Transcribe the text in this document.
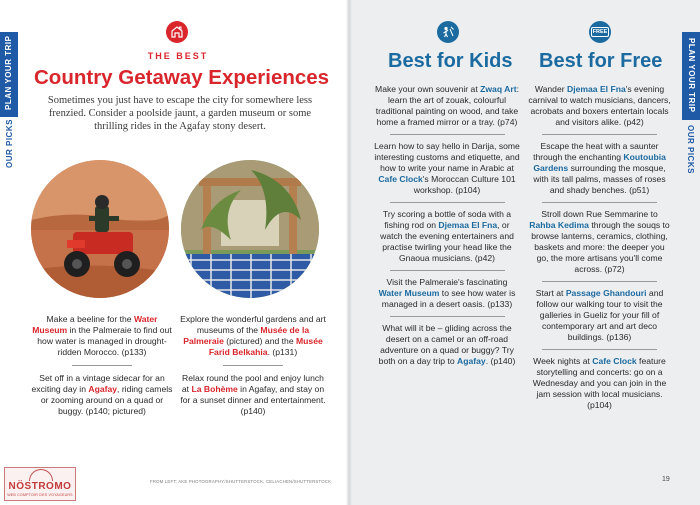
PLAN YOUR TRIP
OUR PICKS
PLAN YOUR TRIP
OUR PICKS
THE BEST
Country Getaway Experiences
Sometimes you just have to escape the city for somewhere less frenzied. Consider a poolside jaunt, a garden museum or some thrilling rides in the Agafay stony desert.

Make a beeline for the Water Museum in the Palmeraie to find out how water is managed in drought-ridden Morocco. (p133)

Set off in a vintage sidecar for an exciting day in Agafay, riding camels or zooming around on a quad or buggy. (p140; pictured)

Explore the wonderful gardens and art museums of the Musée de la Palmeraie (pictured) and the Musée Farid Belkahia. (p131)

Relax round the pool and enjoy lunch at La Bohème in Agafay, and stay on for a sunset dinner and entertainment. (p140)

FREE
Best for Kids Best for Free

Make your own souvenir at Zwaq Art: learn the art of zouak, colourful traditional painting on wood, and take home a framed mirror or a tray. (p74)

Learn how to say hello in Darija, some interesting customs and etiquette, and how to write your name in Arabic at Cafe Clock's Moroccan Culture 101 workshop. (p104)

Try scoring a bottle of soda with a fishing rod on Djemaa El Fna, or watch the evening entertainers and practise twirling your head like the Gnaoua musicians. (p42)

Visit the Palmeraie's fascinating Water Museum to see how water is managed in a desert oasis. (p133)

What will it be – gliding across the desert on a camel or an off-road adventure on a quad or buggy? Try both on a day trip to Agafay. (p140)

Wander Djemaa El Fna's evening carnival to watch musicians, dancers, acrobats and boxers entertain locals and visitors alike. (p42)

Escape the heat with a saunter through the enchanting Koutoubia Gardens surrounding the mosque, with its tall palms, masses of roses and shady benches. (p51)

Stroll down Rue Semmarine to Rahba Kedima through the souqs to browse lanterns, ceramics, clothing, baskets and more: the deeper you go, the more artisans you'll come across. (p72)

Start at Passage Ghandouri and follow our walking tour to visit the galleries in Gueliz for your fill of contemporary art and art deco buildings. (p136)

Week nights at Cafe Clock feature storytelling and concerts: go on a Wednesday and you can join in the jam session with local musicians. (p104)

FROM LEFT: AKE PHOTOGRAPHY/SHUTTERSTOCK, CELIACHEN/SHUTTERSTOCK	19
NÖSTROMO
WEB COMPTOIR DES VOYAGEURS
